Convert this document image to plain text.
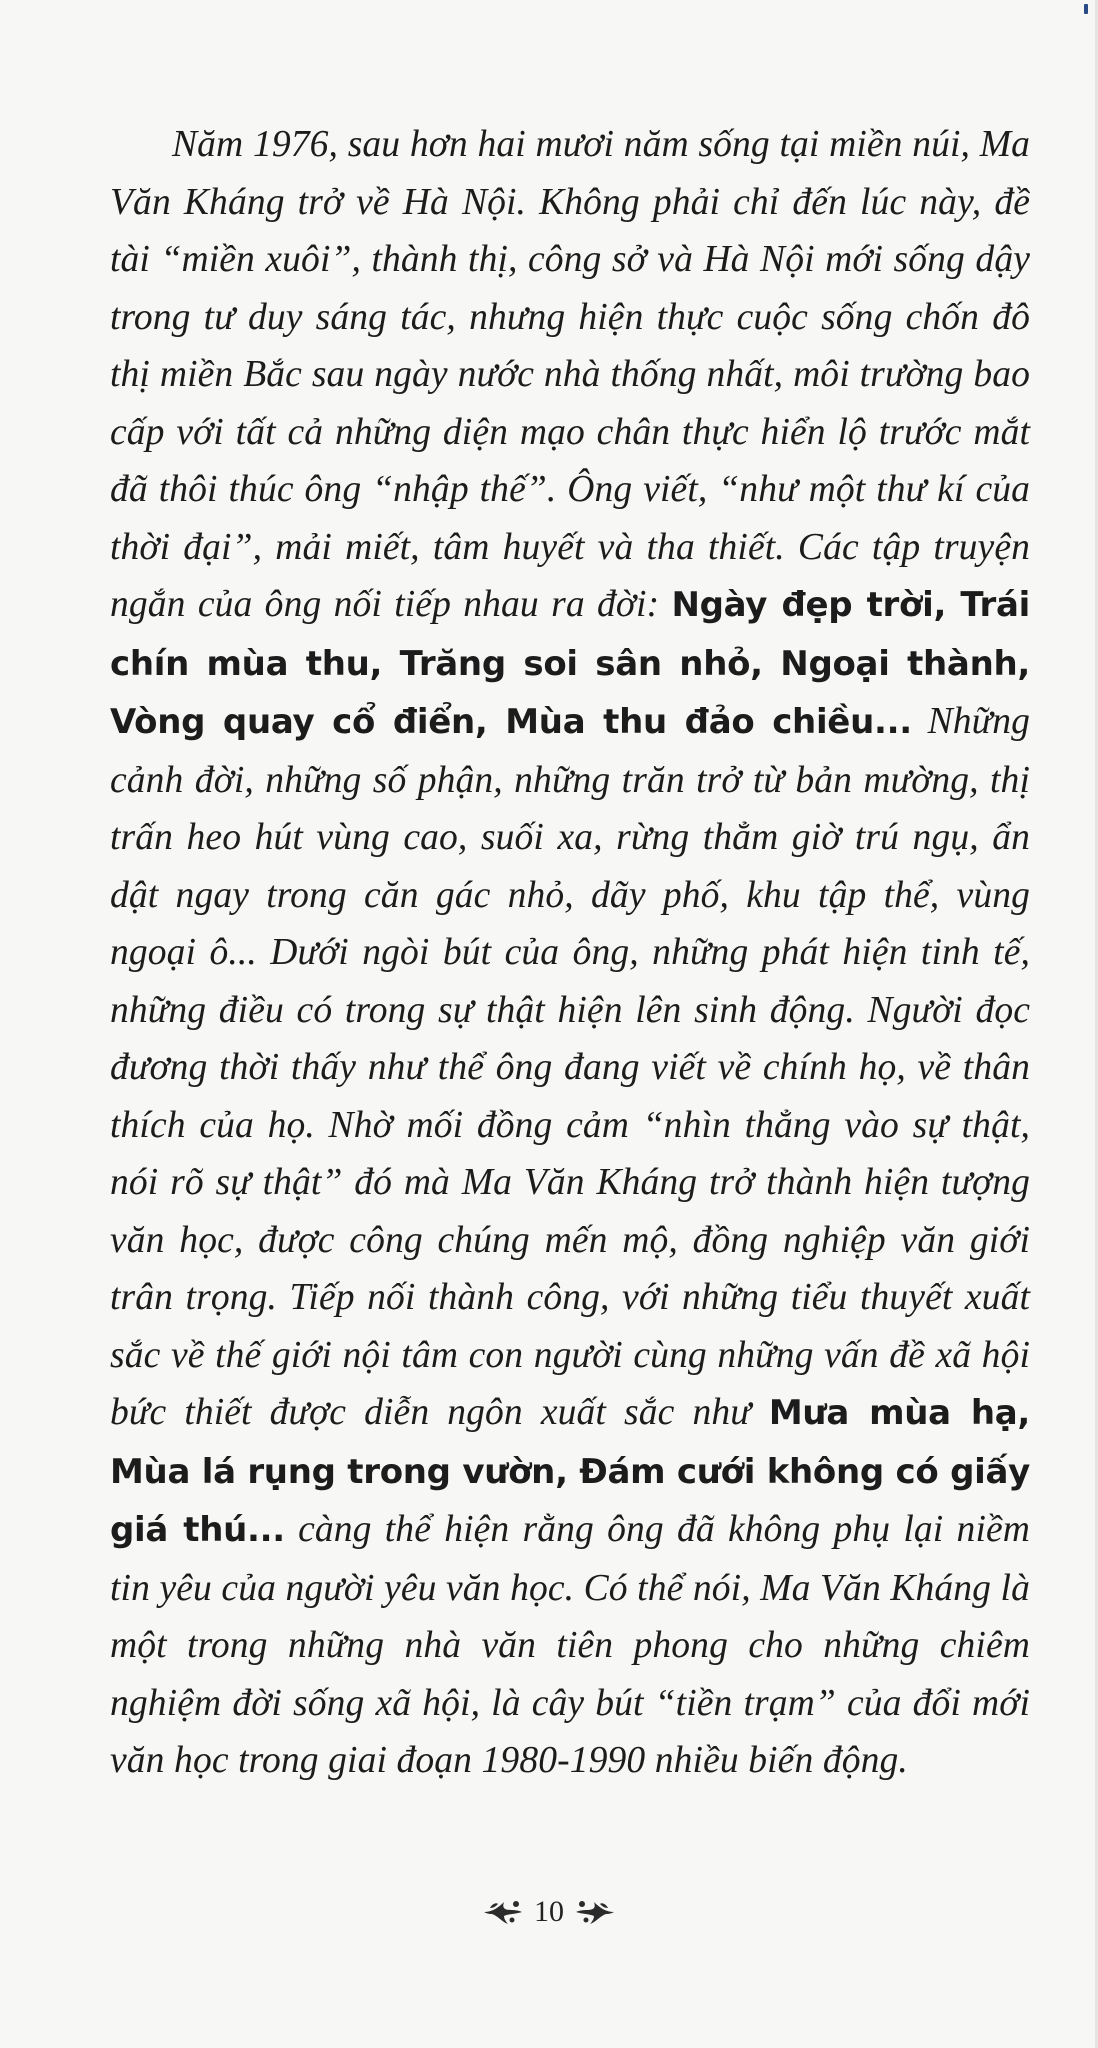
Năm 1976, sau hơn hai mươi năm sống tại miền núi, Ma Văn Kháng trở về Hà Nội. Không phải chỉ đến lúc này, đề tài “miền xuôi”, thành thị, công sở và Hà Nội mới sống dậy trong tư duy sáng tác, nhưng hiện thực cuộc sống chốn đô thị miền Bắc sau ngày nước nhà thống nhất, môi trường bao cấp với tất cả những diện mạo chân thực hiển lộ trước mắt đã thôi thúc ông “nhập thế”. Ông viết, “như một thư kí của thời đại”, mải miết, tâm huyết và tha thiết. Các tập truyện ngắn của ông nối tiếp nhau ra đời: Ngày đẹp trời, Trái chín mùa thu, Trăng soi sân nhỏ, Ngoại thành, Vòng quay cổ điển, Mùa thu đảo chiều... Những cảnh đời, những số phận, những trăn trở từ bản mường, thị trấn heo hút vùng cao, suối xa, rừng thẳm giờ trú ngụ, ẩn dật ngay trong căn gác nhỏ, dãy phố, khu tập thể, vùng ngoại ô... Dưới ngòi bút của ông, những phát hiện tinh tế, những điều có trong sự thật hiện lên sinh động. Người đọc đương thời thấy như thể ông đang viết về chính họ, về thân thích của họ. Nhờ mối đồng cảm “nhìn thẳng vào sự thật, nói rõ sự thật” đó mà Ma Văn Kháng trở thành hiện tượng văn học, được công chúng mến mộ, đồng nghiệp văn giới trân trọng. Tiếp nối thành công, với những tiểu thuyết xuất sắc về thế giới nội tâm con người cùng những vấn đề xã hội bức thiết được diễn ngôn xuất sắc như Mưa mùa hạ, Mùa lá rụng trong vườn, Đám cưới không có giấy giá thú... càng thể hiện rằng ông đã không phụ lại niềm tin yêu của người yêu văn học. Có thể nói, Ma Văn Kháng là một trong những nhà văn tiên phong cho những chiêm nghiệm đời sống xã hội, là cây bút “tiền trạm” của đổi mới văn học trong giai đoạn 1980-1990 nhiều biến động.

10
